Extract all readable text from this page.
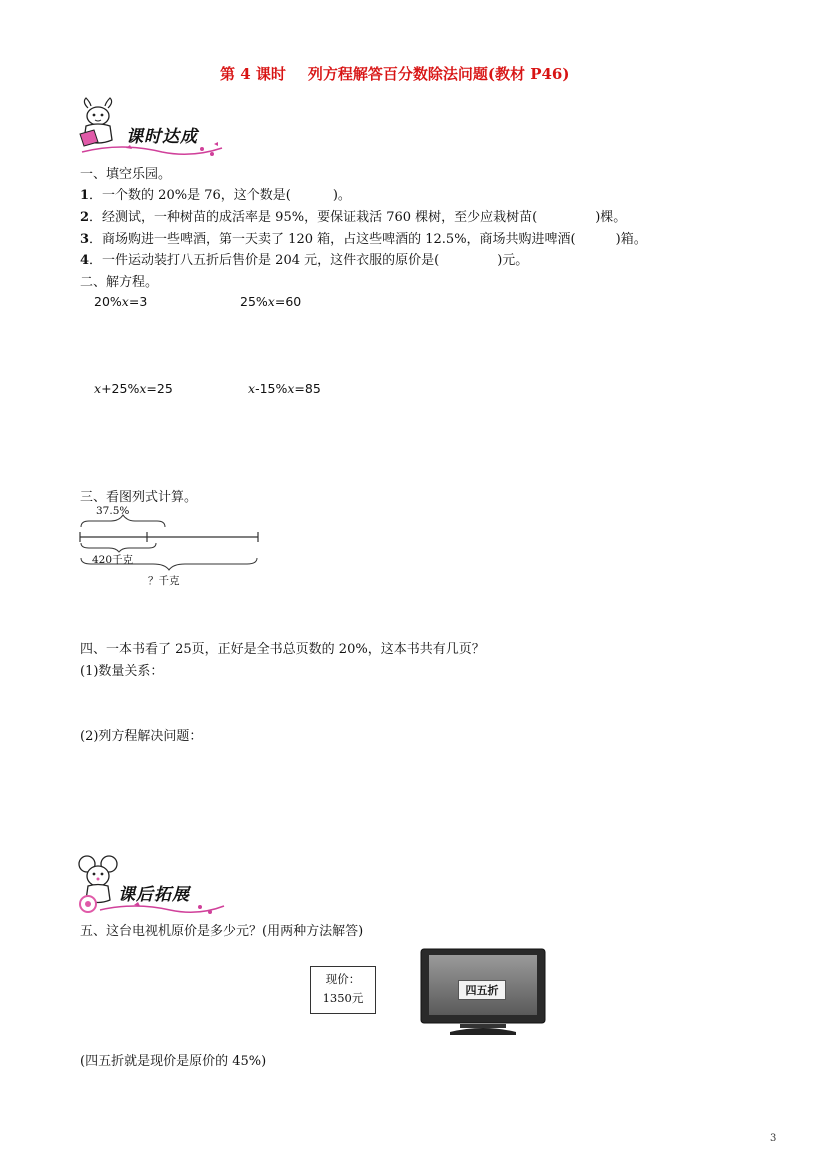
第 4 课时 列方程解答百分数除法问题(教材 P46)
课时达成
一、填空乐园。
1．一个数的 20%是 76，这个数是(	)。
2．经测试，一种树苗的成活率是 95%，要保证栽活 760 棵树，至少应栽树苗(	)棵。
3．商场购进一些啤酒，第一天卖了 120 箱，占这些啤酒的 12.5%，商场共购进啤酒(	)箱。
4．一件运动装打八五折后售价是 204 元，这件衣服的原价是(	)元。
二、解方程。
20%x=3	25%x=60
x+25%x=25	x-15%x=85
三、看图列式计算。
37.5%
420千克
？千克
四、一本书看了 25页，正好是全书总页数的 20%，这本书共有几页？
(1)数量关系：
(2)列方程解决问题：
课后拓展
五、这台电视机原价是多少元？(用两种方法解答)
现价：
1350元
四五折
(四五折就是现价是原价的 45%)
3
